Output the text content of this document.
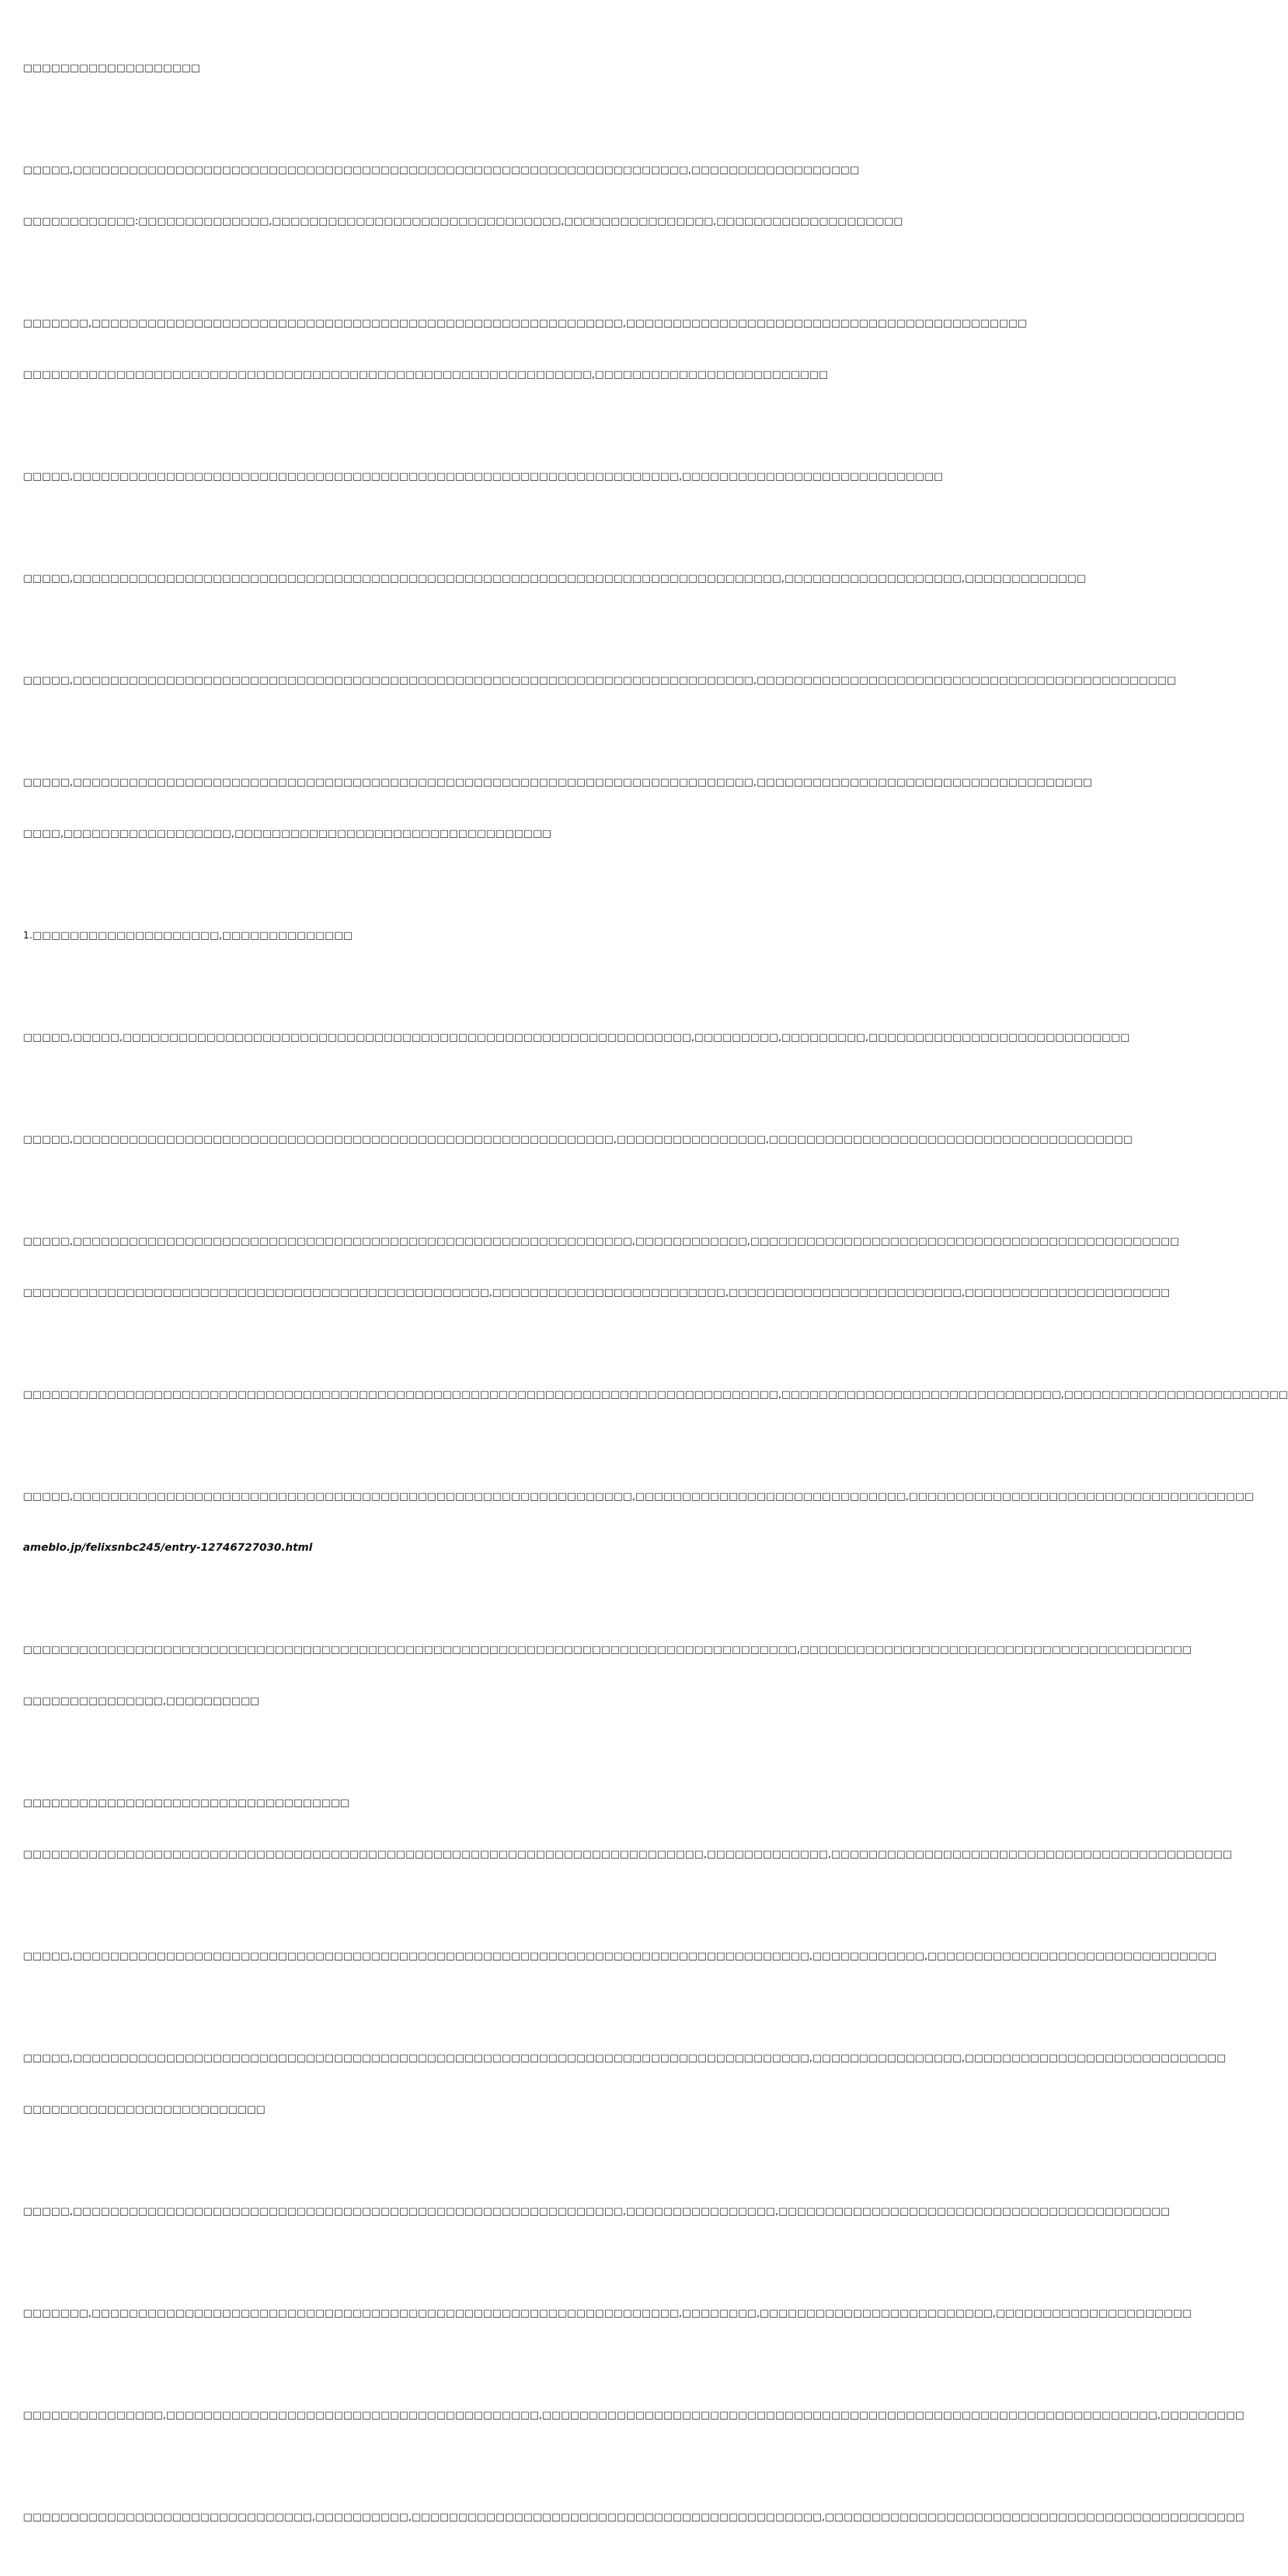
□□□□□□□□□□□□□□□□□□□

□□□□□,□□□□□□□□□□□□□□□□□□□□□□□□□□□□□□□□□□□□□□□□□□□□□□□□□□□□□□□□□□□□□□□□□□,□□□□□□□□□□□□□□□□□□

□□□□□□□□□□□□:□□□□□□□□□□□□□□,□□□□□□□□□□□□□□□□□□□□□□□□□□□□□□□,□□□□□□□□□□□□□□□□,□□□□□□□□□□□□□□□□□□□□

□□□□□□□,□□□□□□□□□□□□□□□□□□□□□□□□□□□□□□□□□□□□□□□□□□□□□□□□□□□□□□□□□,□□□□□□□□□□□□□□□□□□□□□□□□□□□□□□□□□□□□□□□□□□□

□□□□□□□□□□□□□□□□□□□□□□□□□□□□□□□□□□□□□□□□□□□□□□□□□□□□□□□□□□□□□,□□□□□□□□□□□□□□□□□□□□□□□□□

□□□□□,□□□□□□□□□□□□□□□□□□□□□□□□□□□□□□□□□□□□□□□□□□□□□□□□□□□□□□□□□□□□□□□□□,□□□□□□□□□□□□□□□□□□□□□□□□□□□□

□□□□□,□□□□□□□□□□□□□□□□□□□□□□□□□□□□□□□□□□□□□□□□□□□□□□□□□□□□□□□□□□□□□□□□□□□□□□□□□□□□,□□□□□□□□□□□□□□□□□□□,□□□□□□□□□□□□□

□□□□□,□□□□□□□□□□□□□□□□□□□□□□□□□□□□□□□□□□□□□□□□□□□□□□□□□□□□□□□□□□□□□□□□□□□□□□□□□,□□□□□□□□□□□□□□□□□□□□□□□□□□□□□□□□□□□□□□□□□□□□□

□□□□□,□□□□□□□□□□□□□□□□□□□□□□□□□□□□□□□□□□□□□□□□□□□□□□□□□□□□□□□□□□□□□□□□□□□□□□□□□,□□□□□□□□□□□□□□□□□□□□□□□□□□□□□□□□□□□□

□□□□,□□□□□□□□□□□□□□□□□□,□□□□□□□□□□□□□□□□□□□□□□□□□□□□□□□□□□

1.□□□□□□□□□□□□□□□□□□□□,□□□□□□□□□□□□□□

□□□□□,□□□□□,□□□□□□□□□□□□□□□□□□□□□□□□□□□□□□□□□□□□□□□□□□□□□□□□□□□□□□□□□□□□□,□□□□□□□□□,□□□□□□□□□,□□□□□□□□□□□□□□□□□□□□□□□□□□□□

□□□□□,□□□□□□□□□□□□□□□□□□□□□□□□□□□□□□□□□□□□□□□□□□□□□□□□□□□□□□□□□□,□□□□□□□□□□□□□□□□,□□□□□□□□□□□□□□□□□□□□□□□□□□□□□□□□□□□□□□□

□□□□□,□□□□□□□□□□□□□□□□□□□□□□□□□□□□□□□□□□□□□□□□□□□□□□□□□□□□□□□□□□□□,□□□□□□□□□□□□,□□□□□□□□□□□□□□□□□□□□□□□□□□□□□□□□□□□□□□□□□□□□□□

□□□□□□□□□□□□□□□□□□□□□□□□□□□□□□□□□□□□□□□□□□□□□□□□□□,□□□□□□□□□□□□□□□□□□□□□□□□□,□□□□□□□□□□□□□□□□□□□□□□□□□,□□□□□□□□□□□□□□□□□□□□□□

□□□□□□□□□□□□□□□□□□□□□□□□□□□□□□□□□□□□□□□□□□□□□□□□□□□□□□□□□□□□□□□□□□□□□□□□□□□□□□□□□,□□□□□□□□□□□□□□□□□□□□□□□□□□□□□□,□□□□□□□□□□□□□□□□□□□□□□□□

□□□□□,□□□□□□□□□□□□□□□□□□□□□□□□□□□□□□□□□□□□□□□□□□□□□□□□□□□□□□□□□□□□,□□□□□□□□□□□□□□□□□□□□□□□□□□□□□,□□□□□□□□□□□□□□□□□□□□□□□□□□□□□□□□□□□□□

ameblo.jp/felixsnbc245/entry-12746727030.html

□□□□□□□□□□□□□□□□□□□□□□□□□□□□□□□□□□□□□□□□□□□□□□□□□□□□□□□□□□□□□□□□□□□□□□□□□□□□□□□□□□□,□□□□□□□□□□□□□□□□□□□□□□□□□□□□□□□□□□□□□□□□□□

□□□□□□□□□□□□□□□,□□□□□□□□□□

□□□□□□□□□□□□□□□□□□□□□□□□□□□□□□□□□□□

□□□□□□□□□□□□□□□□□□□□□□□□□□□□□□□□□□□□□□□□□□□□□□□□□□□□□□□□□□□□□□□□□□□□□□□□□,□□□□□□□□□□□□□,□□□□□□□□□□□□□□□□□□□□□□□□□□□□□□□□□□□□□□□□□□□

□□□□□,□□□□□□□□□□□□□□□□□□□□□□□□□□□□□□□□□□□□□□□□□□□□□□□□□□□□□□□□□□□□□□□□□□□□□□□□□□□□□□□,□□□□□□□□□□□□,□□□□□□□□□□□□□□□□□□□□□□□□□□□□□□□

□□□□□,□□□□□□□□□□□□□□□□□□□□□□□□□□□□□□□□□□□□□□□□□□□□□□□□□□□□□□□□□□□□□□□□□□□□□□□□□□□□□□□,□□□□□□□□□□□□□□□□,□□□□□□□□□□□□□□□□□□□□□□□□□□□□

□□□□□□□□□□□□□□□□□□□□□□□□□□

□□□□□,□□□□□□□□□□□□□□□□□□□□□□□□□□□□□□□□□□□□□□□□□□□□□□□□□□□□□□□□□□□,□□□□□□□□□□□□□□□□,□□□□□□□□□□□□□□□□□□□□□□□□□□□□□□□□□□□□□□□□□□

□□□□□□□,□□□□□□□□□□□□□□□□□□□□□□□□□□□□□□□□□□□□□□□□□□□□□□□□□□□□□□□□□□□□□□□,□□□□□□□□,□□□□□□□□□□□□□□□□□□□□□□□□□,□□□□□□□□□□□□□□□□□□□□□

□□□□□□□□□□□□□□□,□□□□□□□□□□□□□□□□□□□□□□□□□□□□□□□□□□□□□□□□,□□□□□□□□□□□□□□□□□□□□□□□□□□□□□□□□□□□□□□□□□□□□□□□□□□□□□□□□□□□□□□□□□□,□□□□□□□□□

□□□□□□□□□□□□□□□□□□□□□□□□□□□□□□□,□□□□□□□□□□,□□□□□□□□□□□□□□□□□□□□□□□□□□□□□□□□□□□□□□□□□□□□,□□□□□□□□□□□□□□□□□□□□□□□□□□□□□□□□□□□□□□□□□□□□□
